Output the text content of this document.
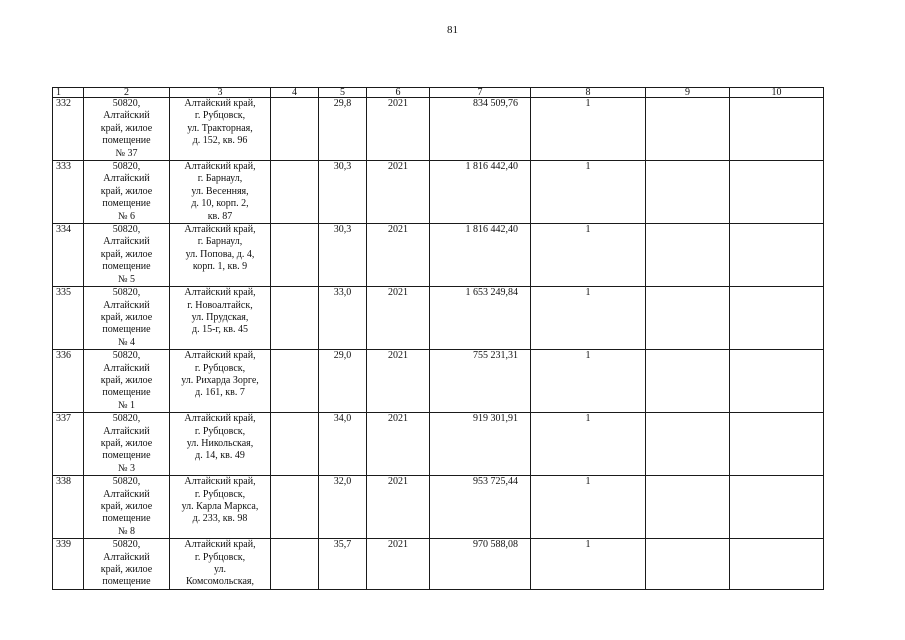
81
1	2	3	4	5	6	7	8	9	10
332	50820,
Алтайский
край, жилое
помещение
№ 37	Алтайский край,
г. Рубцовск,
ул. Тракторная,
д. 152, кв. 96		29,8	2021	834 509,76	1		
333	50820,
Алтайский
край, жилое
помещение
№ 6	Алтайский край,
г. Барнаул,
ул. Весенняя,
д. 10, корп. 2,
кв. 87		30,3	2021	1 816 442,40	1		
334	50820,
Алтайский
край, жилое
помещение
№ 5	Алтайский край,
г. Барнаул,
ул. Попова, д. 4,
корп. 1, кв. 9		30,3	2021	1 816 442,40	1		
335	50820,
Алтайский
край, жилое
помещение
№ 4	Алтайский край,
г. Новоалтайск,
ул. Прудская,
д. 15-г, кв. 45		33,0	2021	1 653 249,84	1		
336	50820,
Алтайский
край, жилое
помещение
№ 1	Алтайский край,
г. Рубцовск,
ул. Рихарда Зорге,
д. 161, кв. 7		29,0	2021	755 231,31	1		
337	50820,
Алтайский
край, жилое
помещение
№ 3	Алтайский край,
г. Рубцовск,
ул. Никольская,
д. 14, кв. 49		34,0	2021	919 301,91	1		
338	50820,
Алтайский
край, жилое
помещение
№ 8	Алтайский край,
г. Рубцовск,
ул. Карла Маркса,
д. 233, кв. 98		32,0	2021	953 725,44	1		
339	50820,
Алтайский
край, жилое
помещение	Алтайский край,
г. Рубцовск,
ул.
Комсомольская,		35,7	2021	970 588,08	1		
